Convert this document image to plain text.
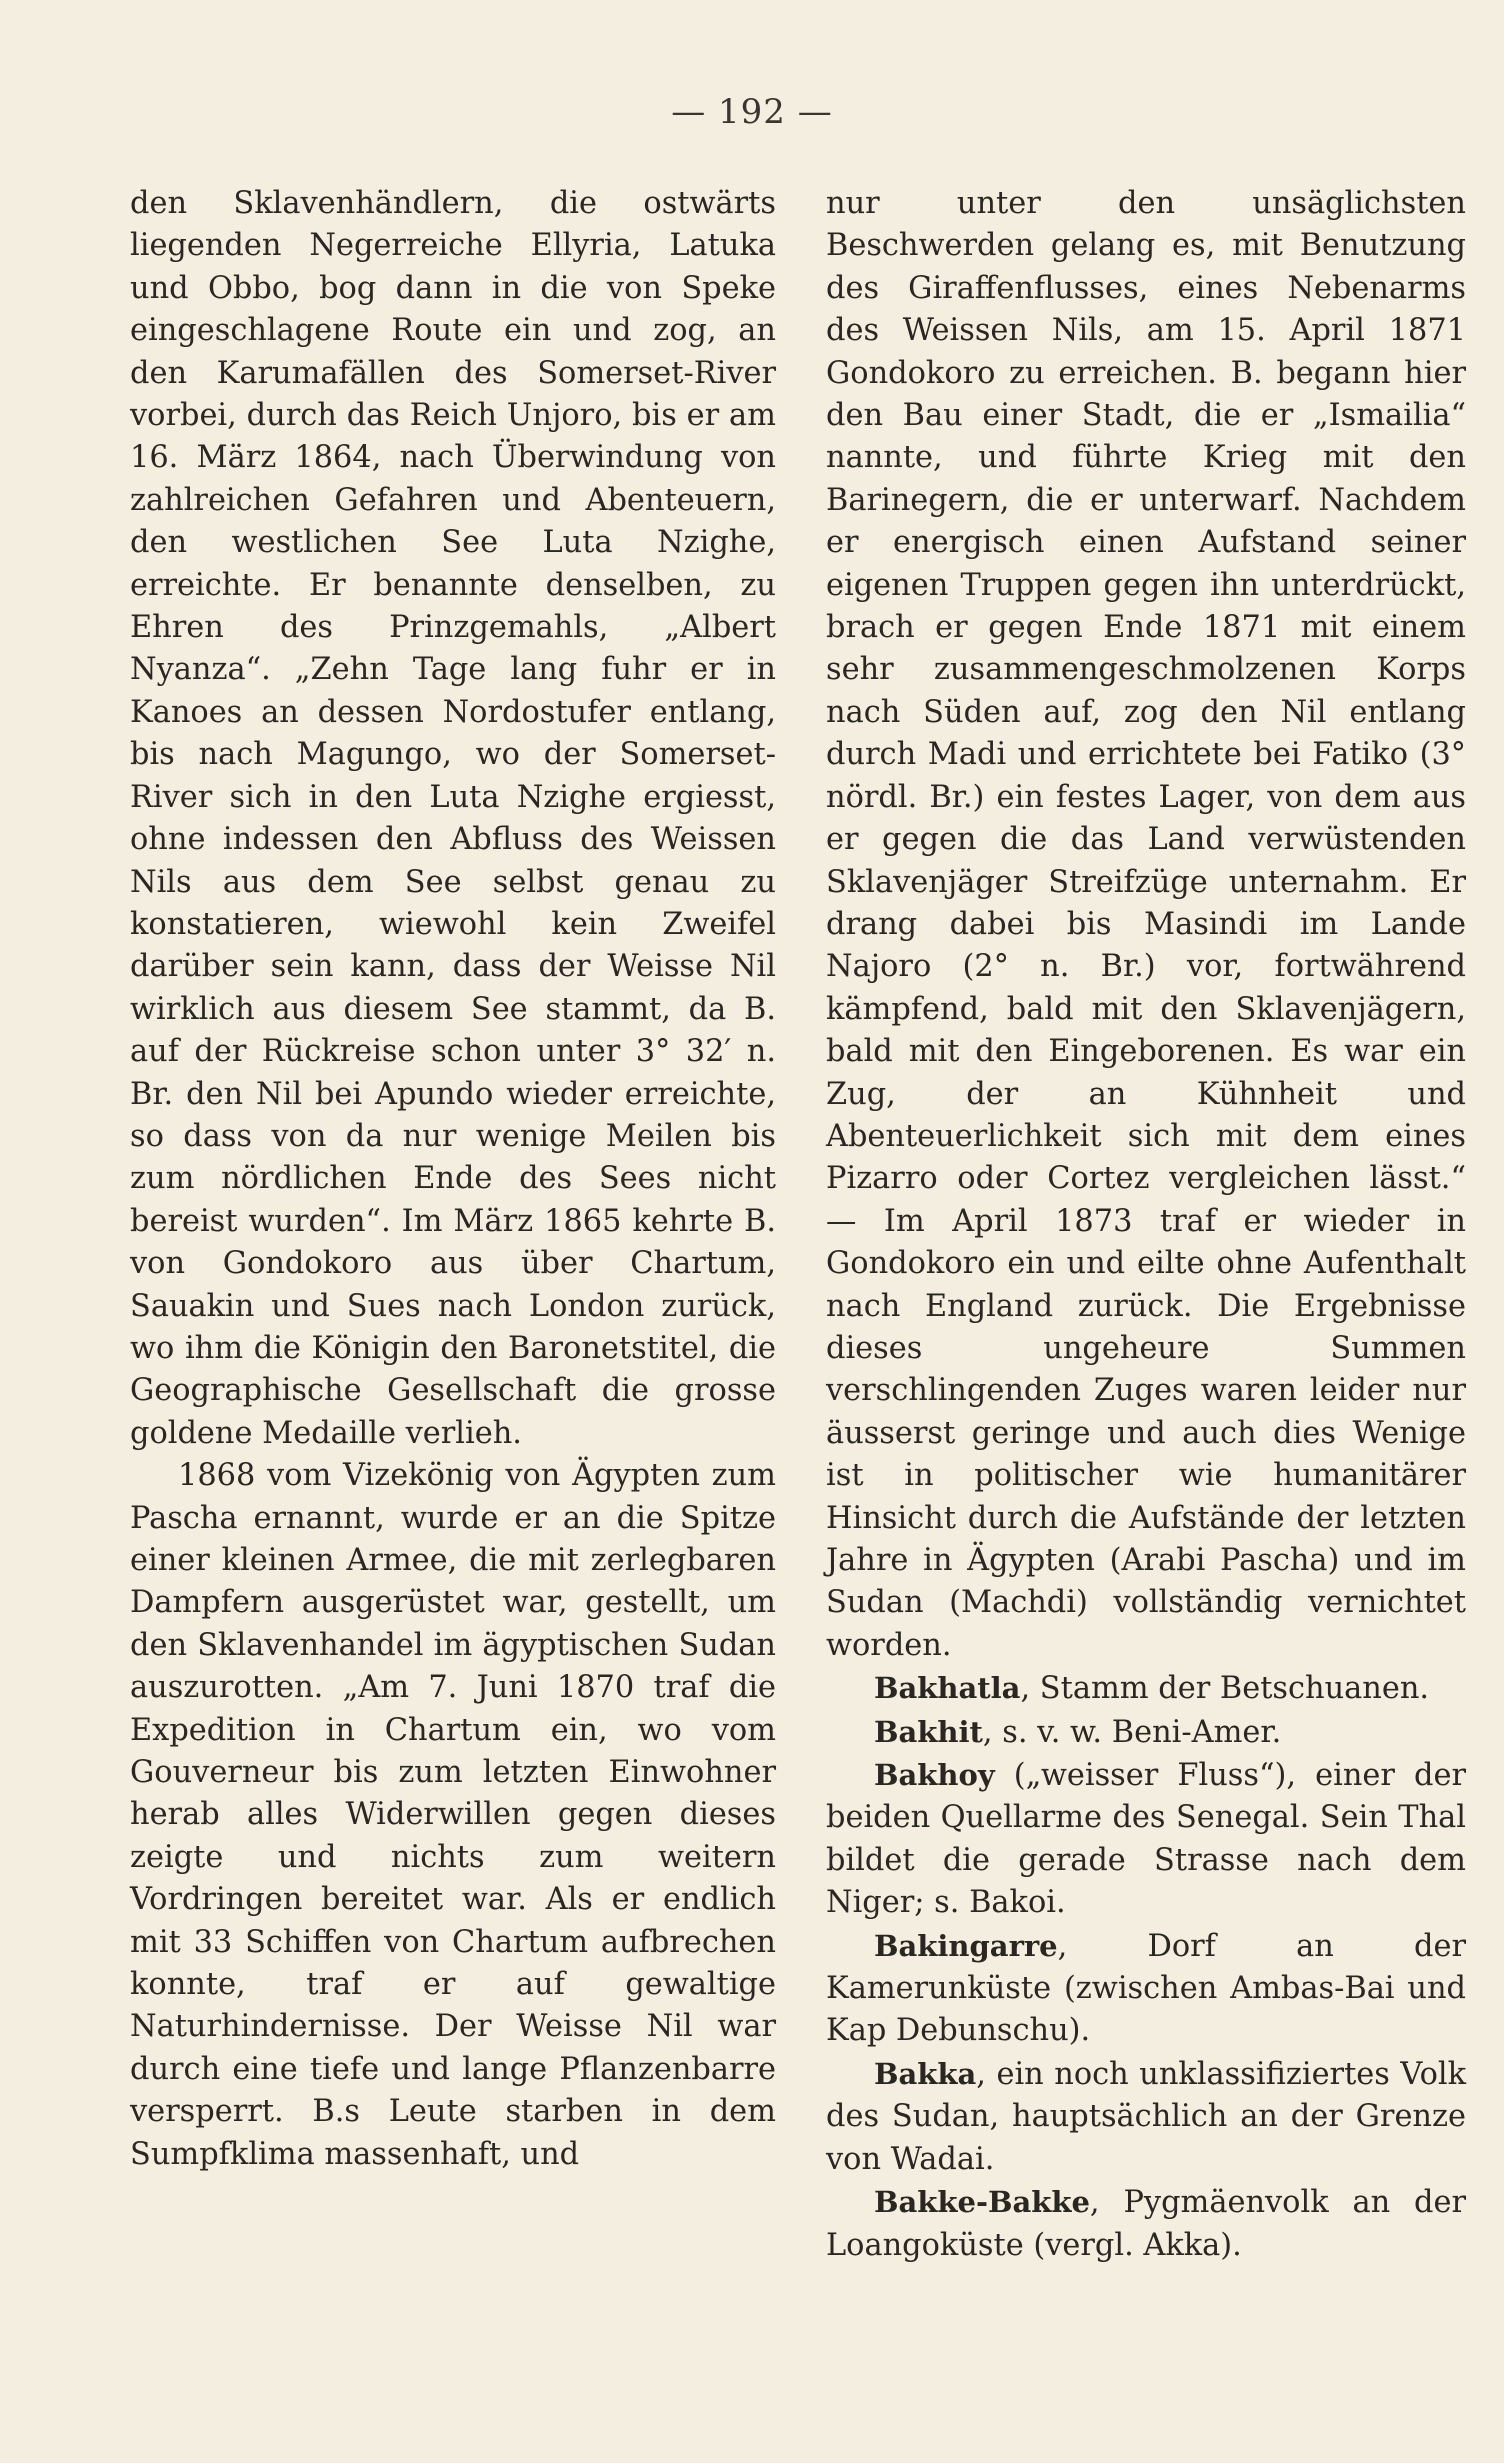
— 192 —

den Sklavenhändlern, die ostwärts liegenden Negerreiche Ellyria, Latuka und Obbo, bog dann in die von Speke eingeschlagene Route ein und zog, an den Karumafällen des Somerset-River vorbei, durch das Reich Unjoro, bis er am 16. März 1864, nach Überwindung von zahlreichen Gefahren und Abenteuern, den westlichen See Luta Nzighe, erreichte. Er benannte denselben, zu Ehren des Prinzgemahls, „Albert Nyanza“. „Zehn Tage lang fuhr er in Kanoes an dessen Nordostufer entlang, bis nach Magungo, wo der Somerset-River sich in den Luta Nzighe ergiesst, ohne indessen den Abfluss des Weissen Nils aus dem See selbst genau zu konstatieren, wiewohl kein Zweifel darüber sein kann, dass der Weisse Nil wirklich aus diesem See stammt, da B. auf der Rückreise schon unter 3° 32′ n. Br. den Nil bei Apundo wieder erreichte, so dass von da nur wenige Meilen bis zum nördlichen Ende des Sees nicht bereist wurden“. Im März 1865 kehrte B. von Gondokoro aus über Chartum, Sauakin und Sues nach London zurück, wo ihm die Königin den Baronetstitel, die Geographische Gesellschaft die grosse goldene Medaille verlieh.

1868 vom Vizekönig von Ägypten zum Pascha ernannt, wurde er an die Spitze einer kleinen Armee, die mit zerlegbaren Dampfern ausgerüstet war, gestellt, um den Sklavenhandel im ägyptischen Sudan auszurotten. „Am 7. Juni 1870 traf die Expedition in Chartum ein, wo vom Gouverneur bis zum letzten Einwohner herab alles Widerwillen gegen dieses zeigte und nichts zum weitern Vordringen bereitet war. Als er endlich mit 33 Schiffen von Chartum aufbrechen konnte, traf er auf gewaltige Naturhindernisse. Der Weisse Nil war durch eine tiefe und lange Pflanzenbarre versperrt. B.s Leute starben in dem Sumpfklima massenhaft, und

nur unter den unsäglichsten Beschwerden gelang es, mit Benutzung des Giraffenflusses, eines Nebenarms des Weissen Nils, am 15. April 1871 Gondokoro zu erreichen. B. begann hier den Bau einer Stadt, die er „Ismailia“ nannte, und führte Krieg mit den Barinegern, die er unterwarf. Nachdem er energisch einen Aufstand seiner eigenen Truppen gegen ihn unterdrückt, brach er gegen Ende 1871 mit einem sehr zusammengeschmolzenen Korps nach Süden auf, zog den Nil entlang durch Madi und errichtete bei Fatiko (3° nördl. Br.) ein festes Lager, von dem aus er gegen die das Land verwüstenden Sklavenjäger Streifzüge unternahm. Er drang dabei bis Masindi im Lande Najoro (2° n. Br.) vor, fortwährend kämpfend, bald mit den Sklavenjägern, bald mit den Eingeborenen. Es war ein Zug, der an Kühnheit und Abenteuerlichkeit sich mit dem eines Pizarro oder Cortez vergleichen lässt.“ — Im April 1873 traf er wieder in Gondokoro ein und eilte ohne Aufenthalt nach England zurück. Die Ergebnisse dieses ungeheure Summen verschlingenden Zuges waren leider nur äusserst geringe und auch dies Wenige ist in politischer wie humanitärer Hinsicht durch die Aufstände der letzten Jahre in Ägypten (Arabi Pascha) und im Sudan (Machdi) vollständig vernichtet worden.

Bakhatla, Stamm der Betschuanen.

Bakhit, s. v. w. Beni-Amer.

Bakhoy („weisser Fluss“), einer der beiden Quellarme des Senegal. Sein Thal bildet die gerade Strasse nach dem Niger; s. Bakoi.

Bakingarre, Dorf an der Kamerunküste (zwischen Ambas-Bai und Kap Debunschu).

Bakka, ein noch unklassifiziertes Volk des Sudan, hauptsächlich an der Grenze von Wadai.

Bakke-Bakke, Pygmäenvolk an der Loangoküste (vergl. Akka).
